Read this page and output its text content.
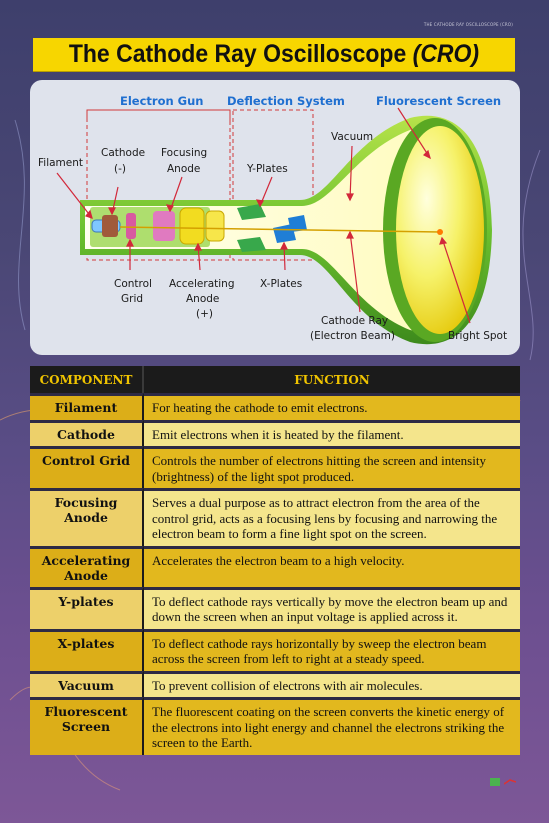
THE CATHODE RAY OSCILLOSCOPE (CRO)
The Cathode Ray Oscilloscope (CRO)
Electron Gun Deflection System	Fluorescent Screen
Filament
Cathode
(-)
Focusing
Anode	Y-Plates
Vacuum
Control
Grid
Accelerating
Anode
(+)
X-Plates
Cathode Ray
(Electron Beam)	Bright Spot
COMPONENT	FUNCTION
Filament	For heating the cathode to emit electrons.
Cathode	Emit electrons when it is heated by the filament.
Control Grid	Controls the number of electrons hitting the screen and intensity (brightness) of the light spot produced.
Focusing Anode	Serves a dual purpose as to attract electron from the area of the control grid, acts as a focusing lens by focusing and narrowing the electron beam to form a fine light spot on the screen.
Accelerating Anode	Accelerates the electron beam to a high velocity.
Y-plates	To deflect cathode rays vertically by move the electron beam up and down the screen when an input voltage is applied across it.
X-plates	To deflect cathode rays horizontally by sweep the electron beam across the screen from left to right at a steady speed.
Vacuum	To prevent collision of electrons with air molecules.
Fluorescent Screen	The fluorescent coating on the screen converts the kinetic energy of the electrons into light energy and channel the electrons striking the screen to the Earth.
